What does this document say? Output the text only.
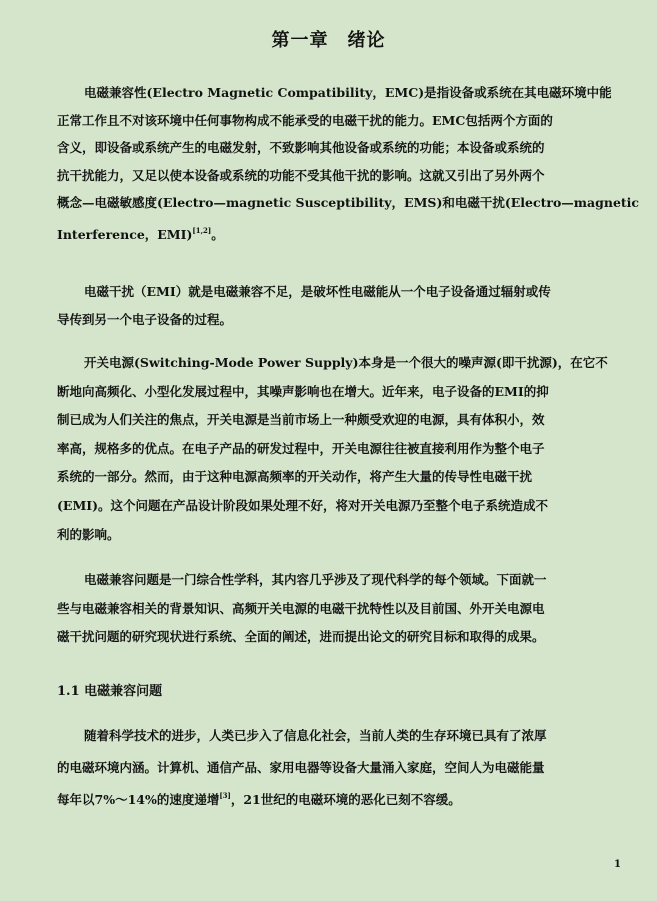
第一章　绪论
电磁兼容性(Electro Magnetic Compatibility，EMC)是指设备或系统在其电磁环境中能
正常工作且不对该环境中任何事物构成不能承受的电磁干扰的能力。EMC包括两个方面的
含义，即设备或系统产生的电磁发射，不致影响其他设备或系统的功能；本设备或系统的
抗干扰能力，又足以使本设备或系统的功能不受其他干扰的影响。这就又引出了另外两个
概念—电磁敏感度(Electro—magnetic Susceptibility，EMS)和电磁干扰(Electro—magnetic
Interference，EMI)[1,2]。
电磁干扰（EMI）就是电磁兼容不足，是破坏性电磁能从一个电子设备通过辐射或传
导传到另一个电子设备的过程。
开关电源(Switching-Mode Power Supply)本身是一个很大的噪声源(即干扰源)，在它不
断地向高频化、小型化发展过程中，其噪声影响也在增大。近年来，电子设备的EMI的抑
制已成为人们关注的焦点，开关电源是当前市场上一种颇受欢迎的电源，具有体积小，效
率高，规格多的优点。在电子产品的研发过程中，开关电源往往被直接利用作为整个电子
系统的一部分。然而，由于这种电源高频率的开关动作，将产生大量的传导性电磁干扰
(EMI)。这个问题在产品设计阶段如果处理不好，将对开关电源乃至整个电子系统造成不
利的影响。
电磁兼容问题是一门综合性学科，其内容几乎涉及了现代科学的每个领域。下面就一
些与电磁兼容相关的背景知识、高频开关电源的电磁干扰特性以及目前国、外开关电源电
磁干扰问题的研究现状进行系统、全面的阐述，进而提出论文的研究目标和取得的成果。
1.1 电磁兼容问题
随着科学技术的进步，人类已步入了信息化社会，当前人类的生存环境已具有了浓厚
的电磁环境内涵。计算机、通信产品、家用电器等设备大量涌入家庭，空间人为电磁能量
每年以7%～14%的速度递增[3]，21世纪的电磁环境的恶化已刻不容缓。
1
